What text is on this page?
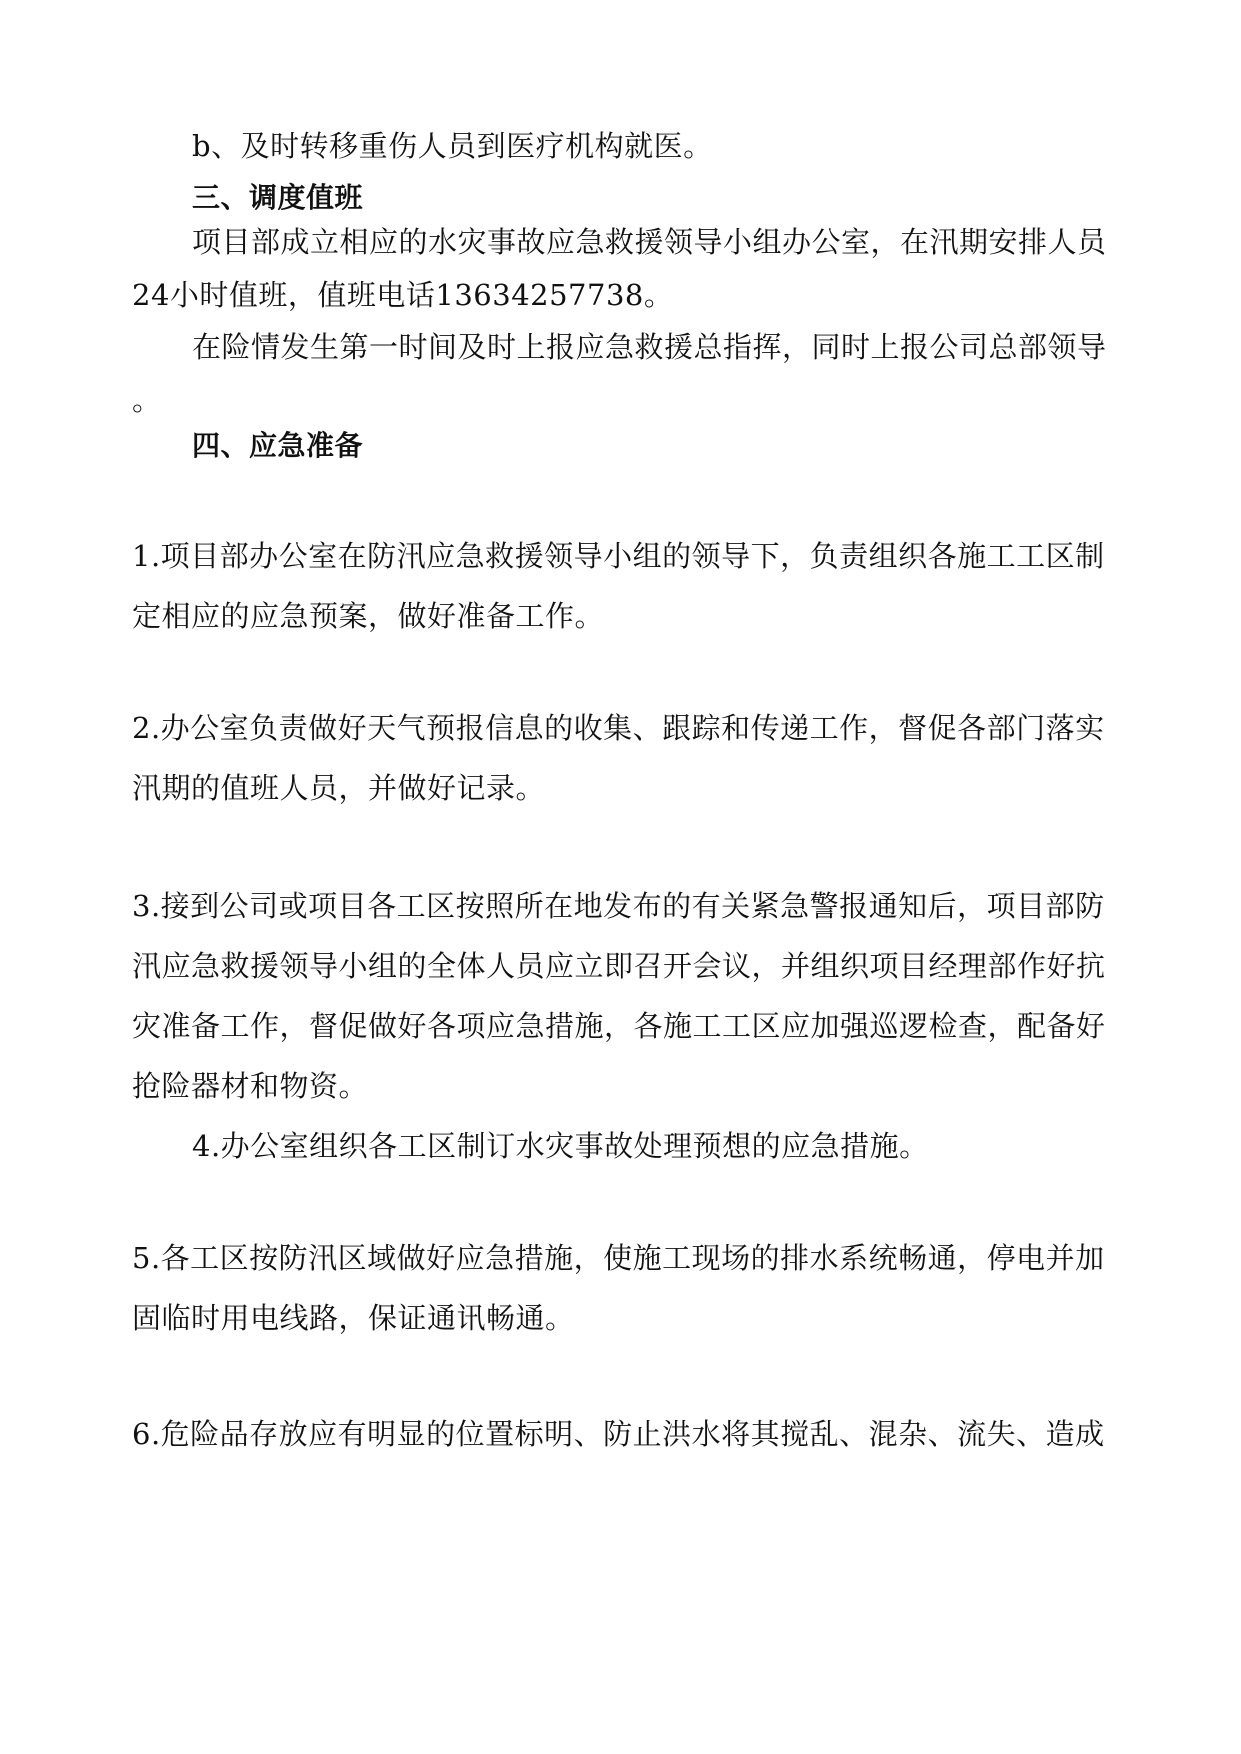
b、及时转移重伤人员到医疗机构就医。
三、调度值班
项目部成立相应的水灾事故应急救援领导小组办公室，在汛期安排人员
24小时值班，值班电话13634257738。
在险情发生第一时间及时上报应急救援总指挥，同时上报公司总部领导
。
四、应急准备
1.项目部办公室在防汛应急救援领导小组的领导下，负责组织各施工工区制
定相应的应急预案，做好准备工作。
2.办公室负责做好天气预报信息的收集、跟踪和传递工作，督促各部门落实
汛期的值班人员，并做好记录。
3.接到公司或项目各工区按照所在地发布的有关紧急警报通知后，项目部防
汛应急救援领导小组的全体人员应立即召开会议，并组织项目经理部作好抗
灾准备工作，督促做好各项应急措施，各施工工区应加强巡逻检查，配备好
抢险器材和物资。
4.办公室组织各工区制订水灾事故处理预想的应急措施。
5.各工区按防汛区域做好应急措施，使施工现场的排水系统畅通，停电并加
固临时用电线路，保证通讯畅通。
6.危险品存放应有明显的位置标明、防止洪水将其搅乱、混杂、流失、造成
